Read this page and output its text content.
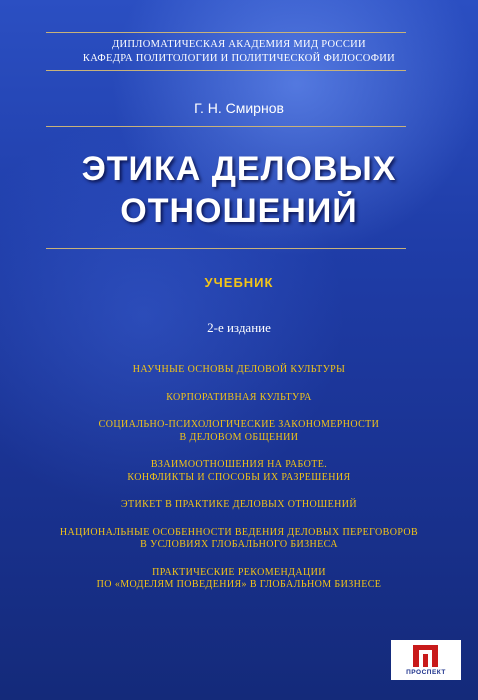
ДИПЛОМАТИЧЕСКАЯ АКАДЕМИЯ МИД РОССИИ
КАФЕДРА ПОЛИТОЛОГИИ И ПОЛИТИЧЕСКОЙ ФИЛОСОФИИ
Г. Н. Смирнов
ЭТИКА ДЕЛОВЫХ
ОТНОШЕНИЙ
УЧЕБНИК
2-е издание
НАУЧНЫЕ ОСНОВЫ ДЕЛОВОЙ КУЛЬТУРЫ
КОРПОРАТИВНАЯ КУЛЬТУРА
СОЦИАЛЬНО-ПСИХОЛОГИЧЕСКИЕ ЗАКОНОМЕРНОСТИ
В ДЕЛОВОМ ОБЩЕНИИ
ВЗАИМООТНОШЕНИЯ НА РАБОТЕ.
КОНФЛИКТЫ И СПОСОБЫ ИХ РАЗРЕШЕНИЯ
ЭТИКЕТ В ПРАКТИКЕ ДЕЛОВЫХ ОТНОШЕНИЙ
НАЦИОНАЛЬНЫЕ ОСОБЕННОСТИ ВЕДЕНИЯ ДЕЛОВЫХ ПЕРЕГОВОРОВ
В УСЛОВИЯХ ГЛОБАЛЬНОГО БИЗНЕСА
ПРАКТИЧЕСКИЕ РЕКОМЕНДАЦИИ
ПО «МОДЕЛЯМ ПОВЕДЕНИЯ» В ГЛОБАЛЬНОМ БИЗНЕСЕ
ПРОСПЕКТ
